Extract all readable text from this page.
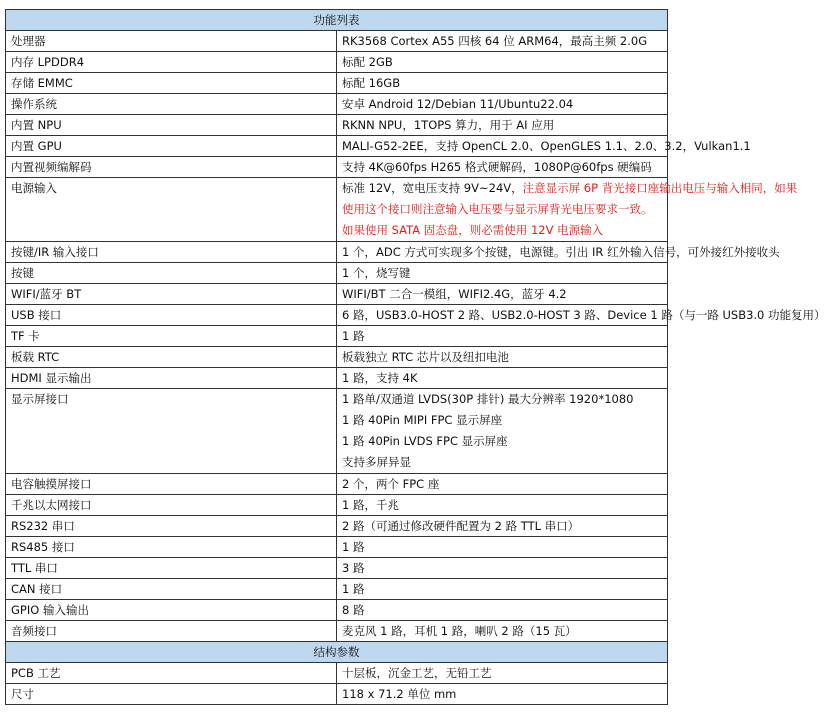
功能列表	
处理器	RK3568 Cortex A55 四核 64 位 ARM64，最高主频 2.0G
内存 LPDDR4	标配 2GB
存储 EMMC	标配 16GB
操作系统	安卓 Android 12/Debian 11/Ubuntu22.04
内置 NPU	RKNN NPU，1TOPS 算力，用于 AI 应用
内置 GPU	MALI-G52-2EE，支持 OpenCL 2.0、OpenGLES 1.1、2.0、3.2，Vulkan1.1
内置视频编解码	支持 4K@60fps H265 格式硬解码，1080P@60fps 硬编码
电源输入	标准 12V，宽电压支持 9V~24V，注意显示屏 6P 背光接口座输出电压与输入相同，如果
使用这个接口则注意输入电压要与显示屏背光电压要求一致。
如果使用 SATA 固态盘，则必需使用 12V 电源输入

按键/IR 输入接口	1 个，ADC 方式可实现多个按键，电源键。引出 IR 红外输入信号，可外接红外接收头
按键	1 个，烧写键
WIFI/蓝牙 BT	WIFI/BT 二合一模组，WIFI2.4G，蓝牙 4.2
USB 接口	6 路，USB3.0-HOST 2 路、USB2.0-HOST 3 路、Device 1 路（与一路 USB3.0 功能复用）
TF 卡	1 路
板载 RTC	板载独立 RTC 芯片以及纽扣电池
HDMI 显示输出	1 路，支持 4K
显示屏接口	1 路单/双通道 LVDS(30P 排针) 最大分辨率 1920*1080
1 路 40Pin MIPI FPC 显示屏座
1 路 40Pin LVDS FPC 显示屏座
支持多屏异显

电容触摸屏接口	2 个，两个 FPC 座
千兆以太网接口	1 路，千兆
RS232 串口	2 路（可通过修改硬件配置为 2 路 TTL 串口）
RS485 接口	1 路
TTL 串口	3 路
CAN 接口	1 路
GPIO 输入输出	8 路
音频接口	麦克风 1 路，耳机 1 路，喇叭 2 路（15 瓦）
结构参数	
PCB 工艺	十层板，沉金工艺，无铅工艺
尺寸	118 x 71.2 单位 mm
